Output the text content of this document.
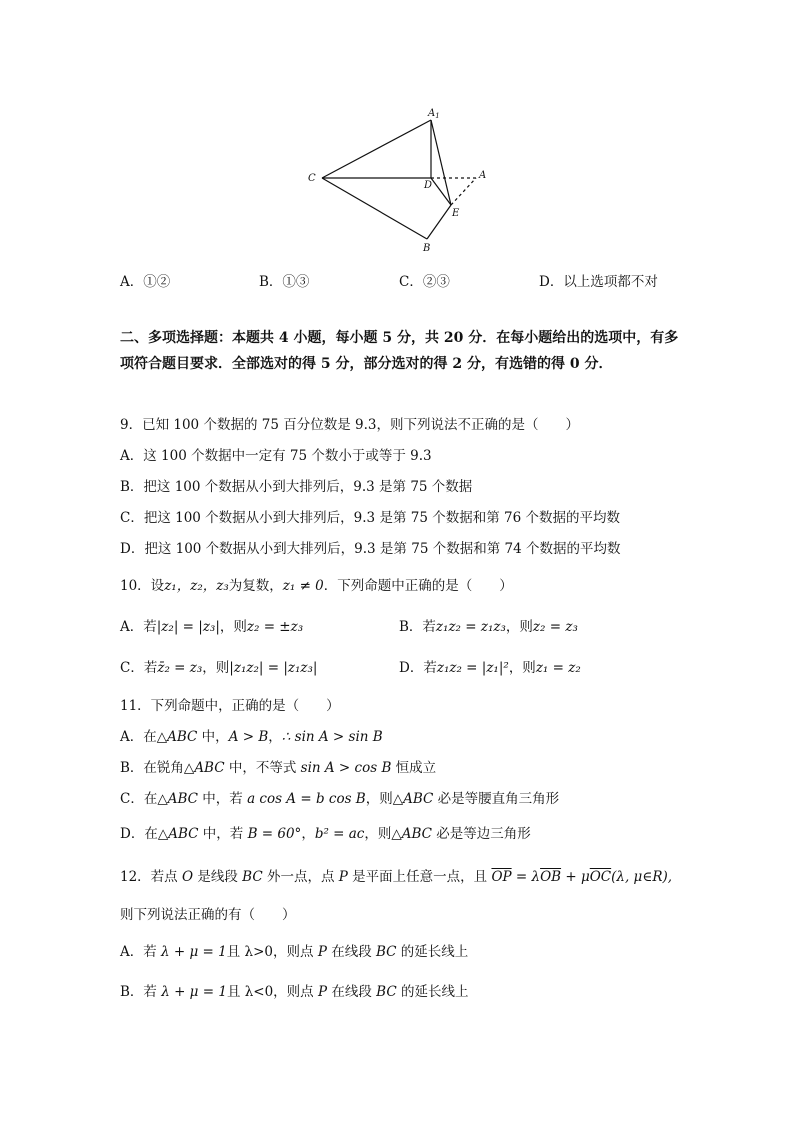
$A_1$
C
D
A
E
B
A．①②	B．①③	C．②③	D．以上选项都不对
二、多项选择题：本题共 4 小题，每小题 5 分，共 20 分．在每小题给出的选项中，有多项符合题目要求．全部选对的得 5 分，部分选对的得 2 分，有选错的得 0 分．
9．已知 100 个数据的 75 百分位数是 9.3，则下列说法不正确的是（　　）
A．这 100 个数据中一定有 75 个数小于或等于 9.3
B．把这 100 个数据从小到大排列后，9.3 是第 75 个数据
C．把这 100 个数据从小到大排列后，9.3 是第 75 个数据和第 76 个数据的平均数
D．把这 100 个数据从小到大排列后，9.3 是第 75 个数据和第 74 个数据的平均数
10．设z₁，z₂，z₃为复数，z₁ ≠ 0．下列命题中正确的是（　　）
A．若|z₂| = |z₃|，则z₂ = ±z₃	B．若z₁z₂ = z₁z₃，则z₂ = z₃
C．若z̄₂ = z₃，则|z₁z₂| = |z₁z₃|	D．若z₁z₂ = |z₁|²，则z₁ = z₂
11．下列命题中，正确的是（　　）
A．在△ABC 中，A > B，∴ sin A > sin B
B．在锐角△ABC 中，不等式 sin A > cos B 恒成立
C．在△ABC 中，若 a cos A = b cos B，则△ABC 必是等腰直角三角形
D．在△ABC 中，若 B = 60°，b² = ac，则△ABC 必是等边三角形
12．若点 O 是线段 BC 外一点，点 P 是平面上任意一点，且 $\overline{OP} = \lambda\overline{OB} + \mu\overline{OC}(\lambda$, μ∈R),
则下列说法正确的有（　　）
A．若 λ + μ = 1且 λ>0，则点 P 在线段 BC 的延长线上
B．若 λ + μ = 1且 λ<0，则点 P 在线段 BC 的延长线上
